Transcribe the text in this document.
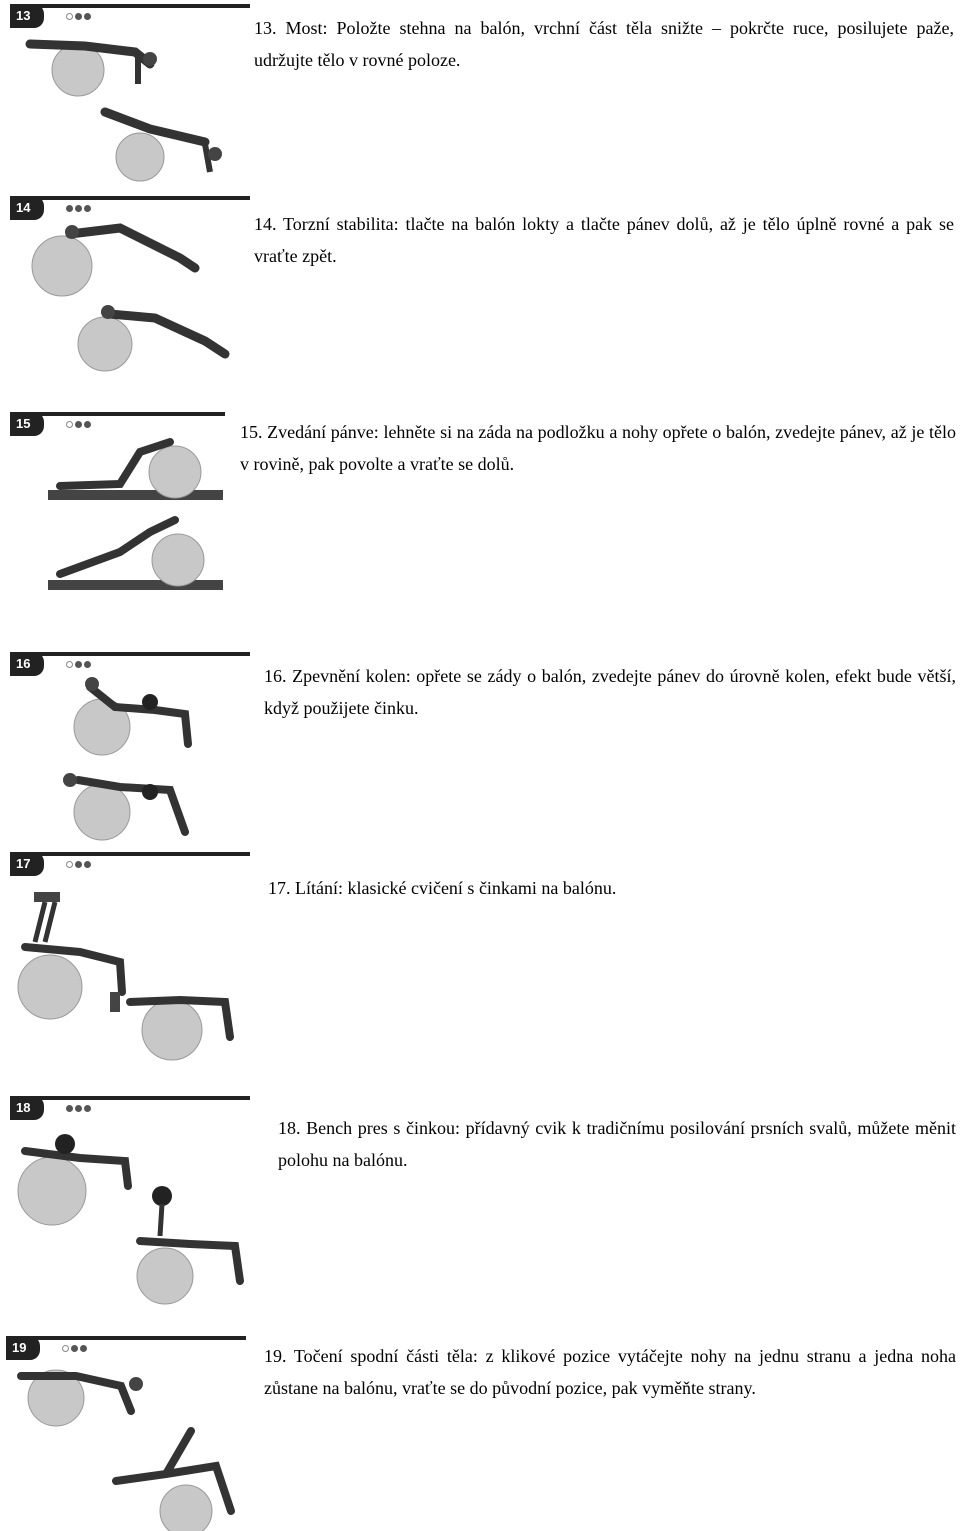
13
13. Most: Položte stehna na balón, vrchní část těla snižte – pokrčte ruce, posilujete paže, udržujte tělo v rovné poloze.
14
14. Torzní stabilita: tlačte na balón lokty a tlačte pánev dolů, až je tělo úplně rovné a pak se vraťte zpět.
15	15. Zvedání pánve: lehněte si na záda na podložku a nohy opřete o balón, zvedejte pánev, až je tělo v rovině, pak povolte a vraťte se dolů.
16
16. Zpevnění kolen: opřete se zády o balón, zvedejte pánev do úrovně kolen, efekt bude větší, když použijete činku.
17
17. Lítání: klasické cvičení s činkami na balónu.
18
18. Bench pres s činkou: přídavný cvik k tradičnímu posilování prsních svalů, můžete měnit polohu na balónu.
19	19. Točení spodní části těla: z klikové pozice vytáčejte nohy na jednu stranu a jedna noha zůstane na balónu, vraťte se do původní pozice, pak vyměňte strany.
